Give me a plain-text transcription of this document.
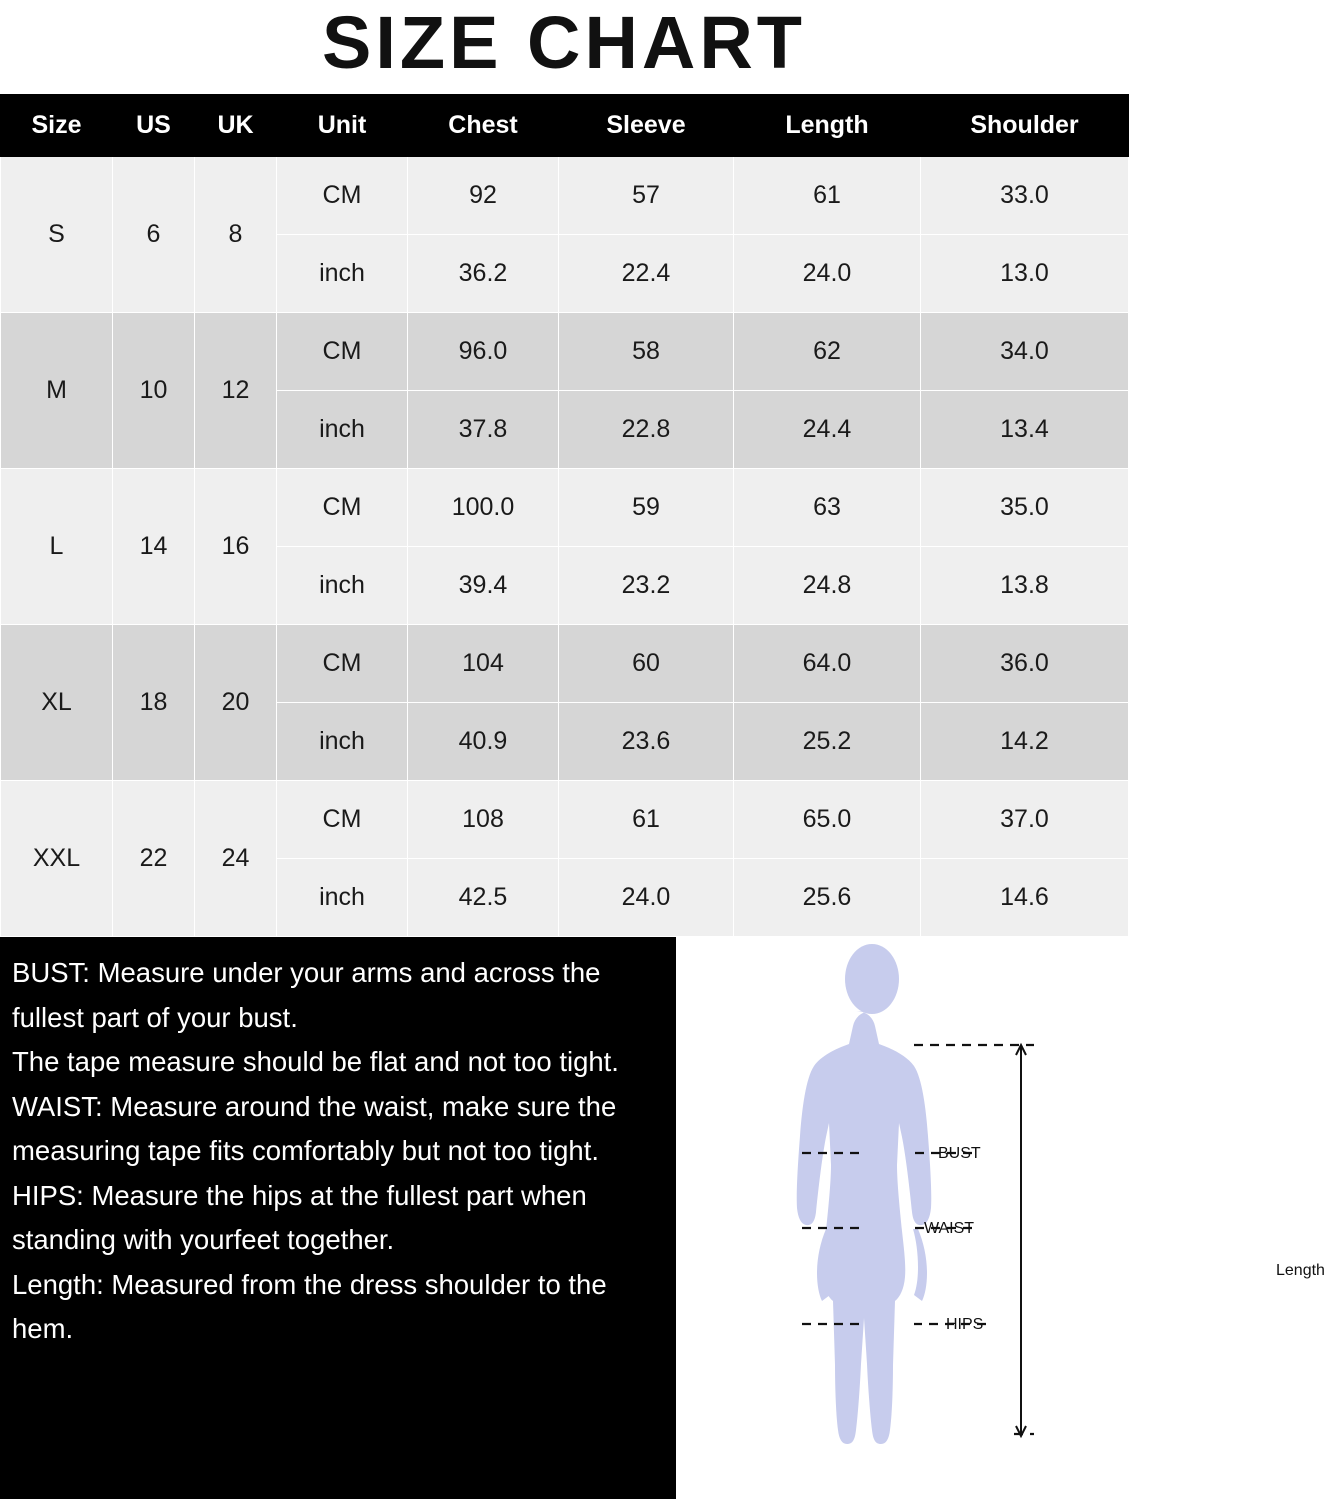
SIZE CHART
Size	US	UK	Unit	Chest	Sleeve	Length	Shoulder
S	6	8	CM	92	57	61	33.0
			inch	36.2	22.4	24.0	13.0
M	10	12	CM	96.0	58	62	34.0
			inch	37.8	22.8	24.4	13.4
L	14	16	CM	100.0	59	63	35.0
			inch	39.4	23.2	24.8	13.8
XL	18	20	CM	104	60	64.0	36.0
			inch	40.9	23.6	25.2	14.2
XXL	22	24	CM	108	61	65.0	37.0
			inch	42.5	24.0	25.6	14.6

BUST: Measure under your arms and across the fullest part of your bust.

The tape measure should be flat and not too tight.

WAIST: Measure around the waist, make sure the measuring tape fits comfortably but not too tight.

HIPS: Measure the hips at the fullest part when standing with yourfeet together.

Length: Measured from the dress shoulder to the hem.

BUST
WAIST
HIPS
Length
